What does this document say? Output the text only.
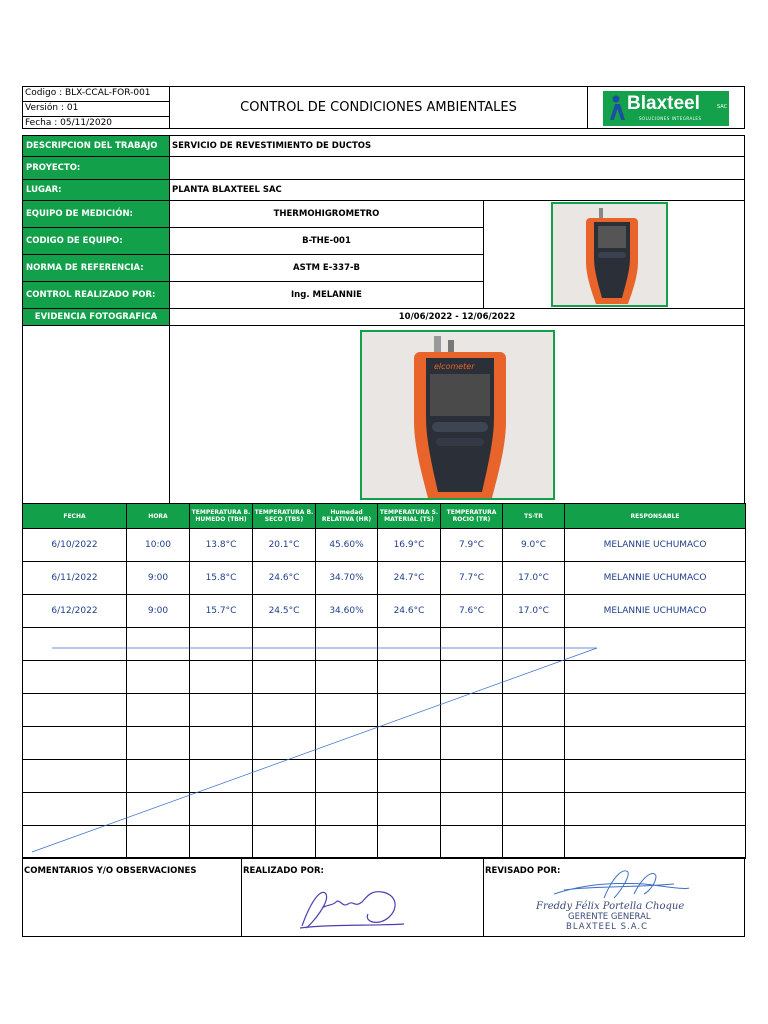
Codigo : BLX-CCAL-FOR-001
Versión : 01
Fecha : 05/11/2020
CONTROL DE CONDICIONES AMBIENTALES	Blaxteel	SAC
SOLUCIONES INTEGRALES
DESCRIPCION DEL TRABAJO	SERVICIO DE REVESTIMIENTO DE DUCTOS
PROYECTO:
LUGAR:	PLANTA BLAXTEEL SAC
EQUIPO DE MEDICIÓN:	THERMOHIGROMETRO
CODIGO DE EQUIPO:	B-THE-001
NORMA DE REFERENCIA:	ASTM E-337-B
CONTROL REALIZADO POR:	Ing. MELANNIE
EVIDENCIA FOTOGRAFICA	10/06/2022 - 12/06/2022
elcometer
FECHA	HORA	TEMPERATURA B. HUMEDO (TBH)	TEMPERATURA B. SECO (TBS)	Humedad RELATIVA (HR)	TEMPERATURA S. MATERIAL (TS)	TEMPERATURA ROCIO (TR)	TS-TR	RESPONSABLE
6/10/2022	10:00	13.8°C	20.1°C	45.60%	16.9°C	7.9°C	9.0°C	MELANNIE UCHUMACO
6/11/2022	9:00	15.8°C	24.6°C	34.70%	24.7°C	7.7°C	17.0°C	MELANNIE UCHUMACO
6/12/2022	9:00	15.7°C	24.5°C	34.60%	24.6°C	7.6°C	17.0°C	MELANNIE UCHUMACO

COMENTARIOS Y/O OBSERVACIONES	REALIZADO POR:	REVISADO POR:
Freddy Félix Portella Choque
GERENTE GENERAL
BLAXTEEL S.A.C
